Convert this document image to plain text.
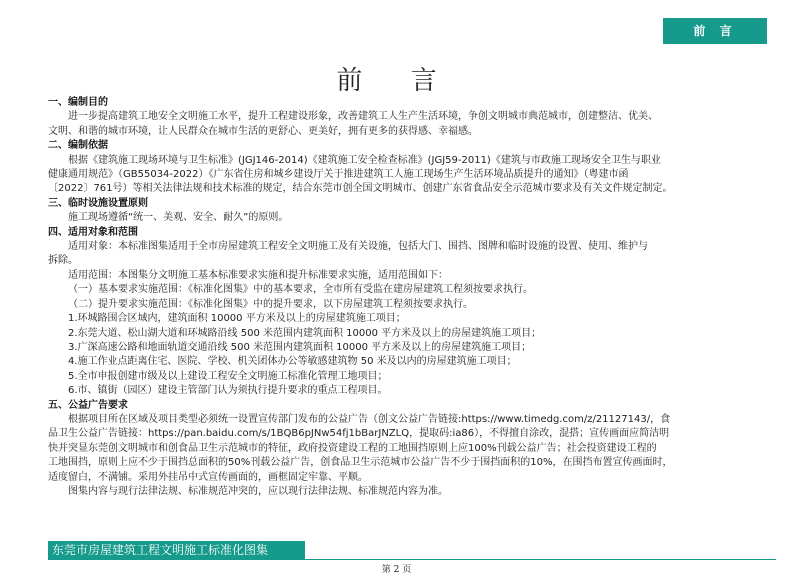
前 言
前 言
一、编制目的
进一步提高建筑工地安全文明施工水平，提升工程建设形象，改善建筑工人生产生活环境，争创文明城市典范城市，创建整洁、优美、
文明、和谐的城市环境，让人民群众在城市生活的更舒心、更美好，拥有更多的获得感、幸福感。
二、编制依据
根据《建筑施工现场环境与卫生标准》(JGJ146-2014)《建筑施工安全检查标准》(JGJ59-2011)《建筑与市政施工现场安全卫生与职业
健康通用规范》（GB55034-2022）《广东省住房和城乡建设厅关于推进建筑工人施工现场生产生活环境品质提升的通知》（粤建市函
〔2022〕761号）等相关法律法规和技术标准的规定，结合东莞市创全国文明城市、创建广东省食品安全示范城市要求及有关文件规定制定。
三、临时设施设置原则
施工现场遵循“统一、美观、安全、耐久”的原则。
四、适用对象和范围
适用对象：本标准图集适用于全市房屋建筑工程安全文明施工及有关设施，包括大门、围挡、图牌和临时设施的设置、使用、维护与
拆除。
适用范围：本图集分文明施工基本标准要求实施和提升标准要求实施，适用范围如下：
（一）基本要求实施范围：《标准化图集》中的基本要求，全市所有受监在建房屋建筑工程须按要求执行。
（二）提升要求实施范围：《标准化图集》中的提升要求，以下房屋建筑工程须按要求执行。
1.环城路围合区域内，建筑面积 10000 平方米及以上的房屋建筑施工项目；
2.东莞大道、松山湖大道和环城路沿线 500 米范围内建筑面积 10000 平方米及以上的房屋建筑施工项目；
3.广深高速公路和地面轨道交通沿线 500 米范围内建筑面积 10000 平方米及以上的房屋建筑施工项目；
4.施工作业点距离住宅、医院、学校、机关团体办公等敏感建筑物 50 米及以内的房屋建筑施工项目；
5.全市申报创建市级及以上建设工程安全文明施工标准化管理工地项目；
6.市、镇街（园区）建设主管部门认为须执行提升要求的重点工程项目。
五、公益广告要求
根据项目所在区域及项目类型必须统一设置宣传部门发布的公益广告（创文公益广告链接:https://www.timedg.com/z/21127143/，食
品卫生公益广告链接：https://pan.baidu.com/s/1BQB6pJNw54fj1bBarJNZLQ，提取码:ia86），不得擅自涂改，混搭；宣传画面应简洁明
快并突显东莞创文明城市和创食品卫生示范城市的特征，政府投资建设工程的工地围挡原则上应100%刊载公益广告；社会投资建设工程的
工地围挡，原则上应不少于围挡总面积的50%刊载公益广告，创食品卫生示范城市公益广告不少于围挡面积的10%，在围挡布置宣传画面时，
适度留白，不满铺。采用外挂吊中式宣传画面的，画框固定牢靠、平顺。
图集内容与现行法律法规、标准规范冲突的，应以现行法律法规、标准规范内容为准。
东莞市房屋建筑工程文明施工标准化图集
第 2 页
